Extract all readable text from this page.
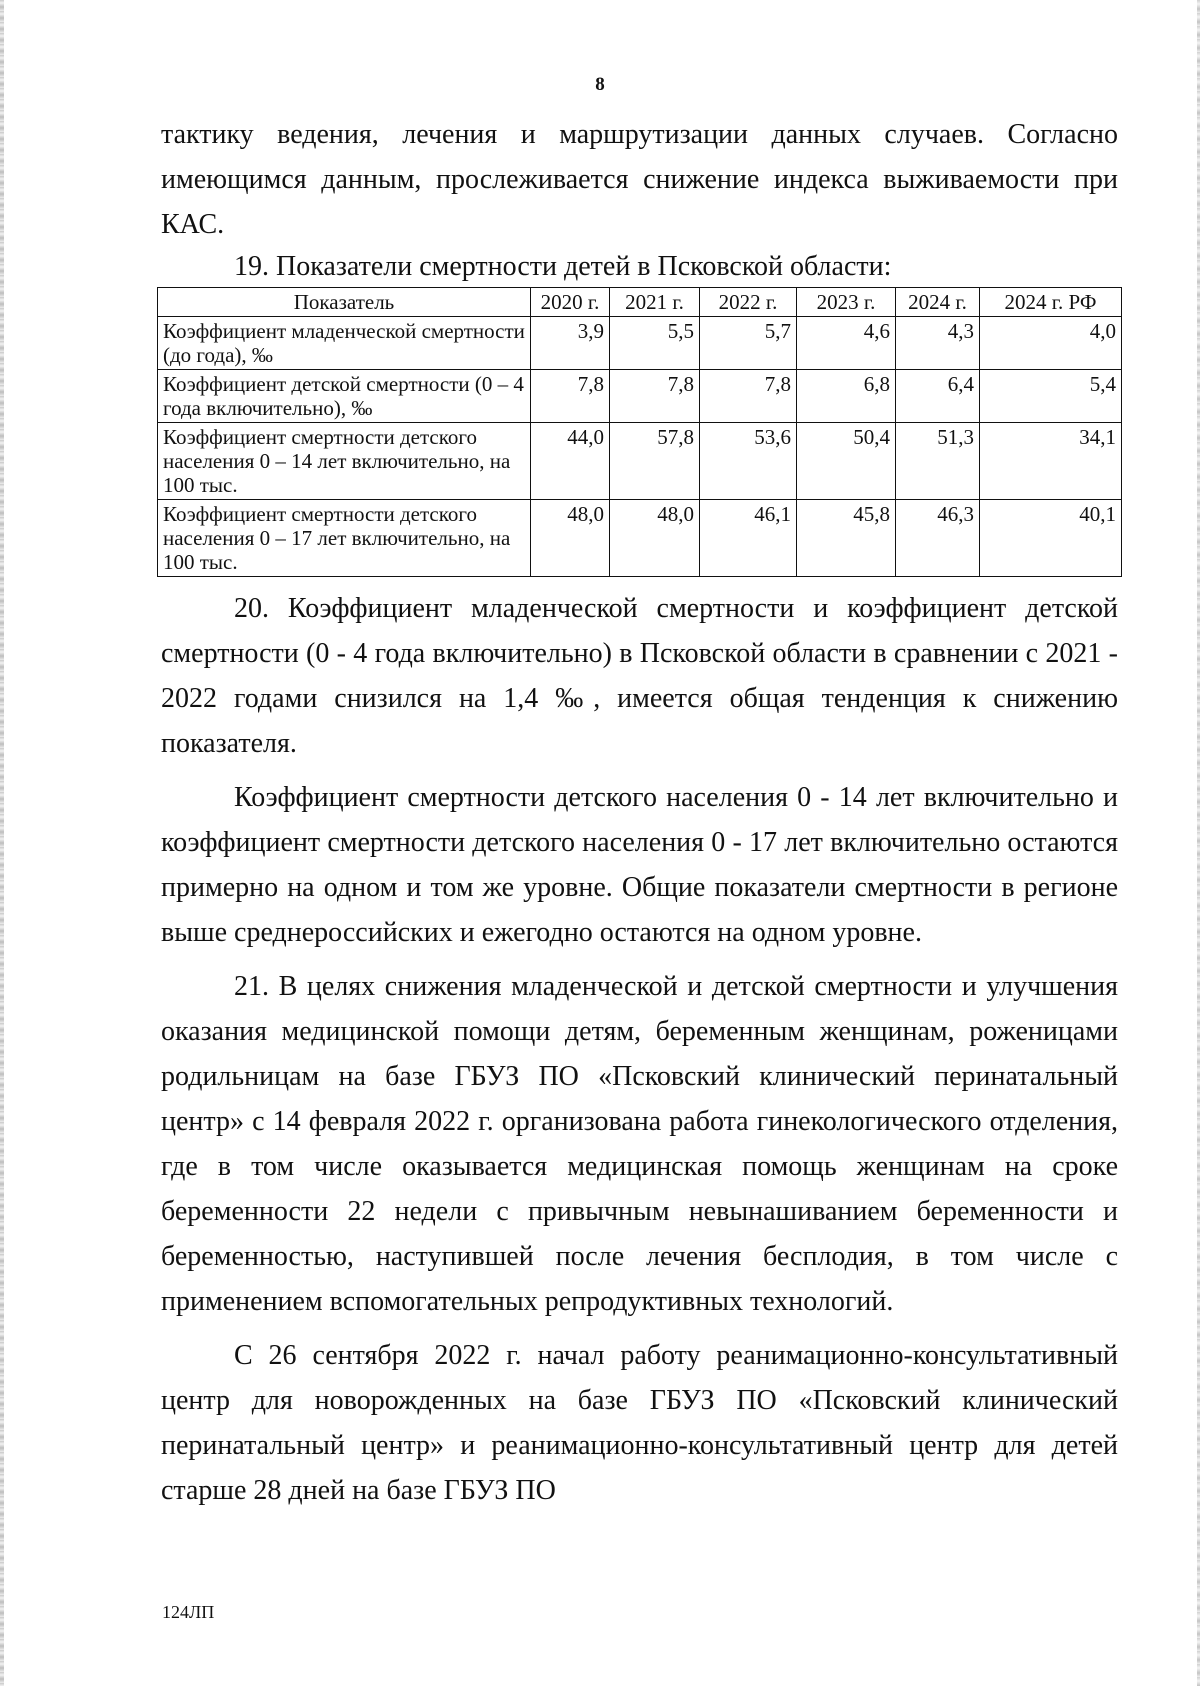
8

тактику ведения, лечения и маршрутизации данных случаев. Согласно имеющимся данным, прослеживается снижение индекса выживаемости при КАС.

19. Показатели смертности детей в Псковской области:

Показатель	2020 г.	2021 г.	2022 г.	2023 г.	2024 г.	2024 г. РФ
Коэффициент младенческой смертности (до года), ‰	3,9	5,5	5,7	4,6	4,3	4,0
Коэффициент детской смертности (0 – 4 года включительно), ‰	7,8	7,8	7,8	6,8	6,4	5,4
Коэффициент смертности детского населения 0 – 14 лет включительно, на 100 тыс.	44,0	57,8	53,6	50,4	51,3	34,1
Коэффициент смертности детского населения 0 – 17 лет включительно, на 100 тыс.	48,0	48,0	46,1	45,8	46,3	40,1

20. Коэффициент младенческой смертности и коэффициент детской смертности (0 - 4 года включительно) в Псковской области в сравнении с 2021 - 2022 годами снизился на 1,4 ‰, имеется общая тенденция к снижению показателя.

Коэффициент смертности детского населения 0 - 14 лет включительно и коэффициент смертности детского населения 0 - 17 лет включительно остаются примерно на одном и том же уровне. Общие показатели смертности в регионе выше среднероссийских и ежегодно остаются на одном уровне.

21. В целях снижения младенческой и детской смертности и улучшения оказания медицинской помощи детям, беременным женщинам, роженицами родильницам на базе ГБУЗ ПО «Псковский клинический перинатальный центр» с 14 февраля 2022 г. организована работа гинекологического отделения, где в том числе оказывается медицинская помощь женщинам на сроке беременности 22 недели с привычным невынашиванием беременности и беременностью, наступившей после лечения бесплодия, в том числе с применением вспомогательных репродуктивных технологий.

С 26 сентября 2022 г. начал работу реанимационно-консультативный центр для новорожденных на базе ГБУЗ ПО «Псковский клинический перинатальный центр» и реанимационно-консультативный центр для детей старше 28 дней на базе ГБУЗ ПО

124ЛП
